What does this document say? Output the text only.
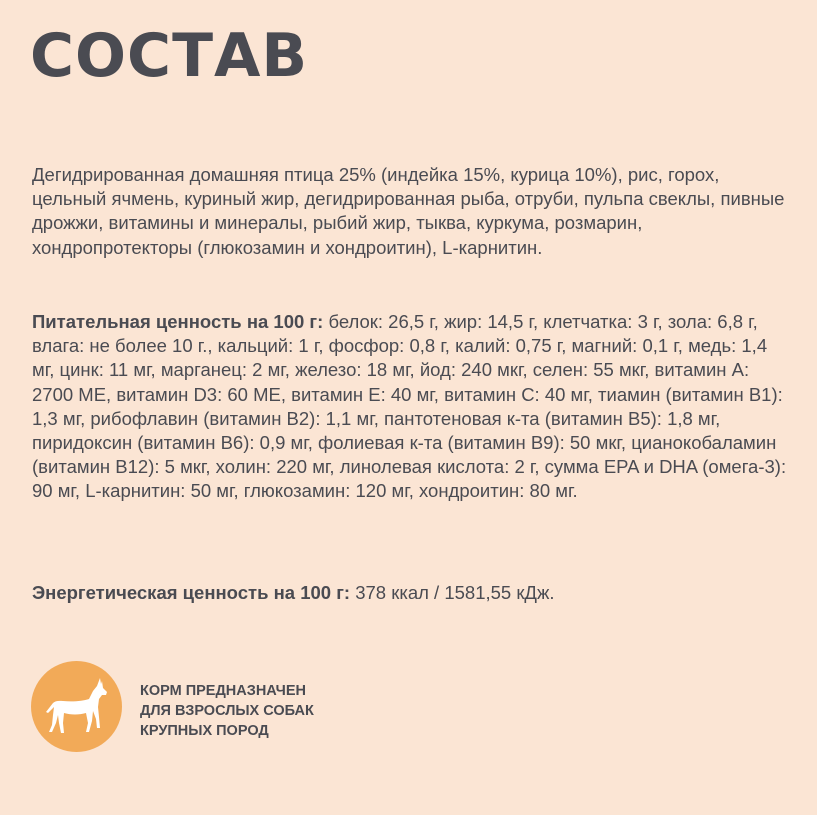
СОСТАВ

Дегидрированная домашняя птица 25% (индейка 15%, курица 10%), рис, горох, цельный ячмень, куриный жир, дегидрированная рыба, отруби, пульпа свеклы, пивные дрожжи, витамины и минералы, рыбий жир, тыква, куркума, розмарин, хондропротекторы (глюкозамин и хондроитин), L-карнитин.

Питательная ценность на 100 г: белок: 26,5 г, жир: 14,5 г, клетчатка: 3 г, зола: 6,8 г, влага: не более 10 г., кальций: 1 г, фосфор: 0,8 г, калий: 0,75 г, магний: 0,1 г, медь: 1,4 мг, цинк: 11 мг, марганец: 2 мг, железо: 18 мг, йод: 240 мкг, селен: 55 мкг, витамин А: 2700 МЕ, витамин D3: 60 МЕ, витамин Е: 40 мг, витамин С: 40 мг, тиамин (витамин В1): 1,3 мг, рибофлавин (витамин В2): 1,1 мг, пантотеновая к-та (витамин В5): 1,8 мг, пиридоксин (витамин В6): 0,9 мг, фолиевая к-та (витамин В9): 50 мкг, цианокобаламин (витамин В12): 5 мкг, холин: 220 мг, линолевая кислота: 2 г, сумма EPA и DHA (омега-3): 90 мг, L-карнитин: 50 мг, глюкозамин: 120 мг, хондроитин: 80 мг.

Энергетическая ценность на 100 г: 378 ккал / 1581,55 кДж.

КОРМ ПРЕДНАЗНАЧЕН
ДЛЯ ВЗРОСЛЫХ СОБАК
КРУПНЫХ ПОРОД
